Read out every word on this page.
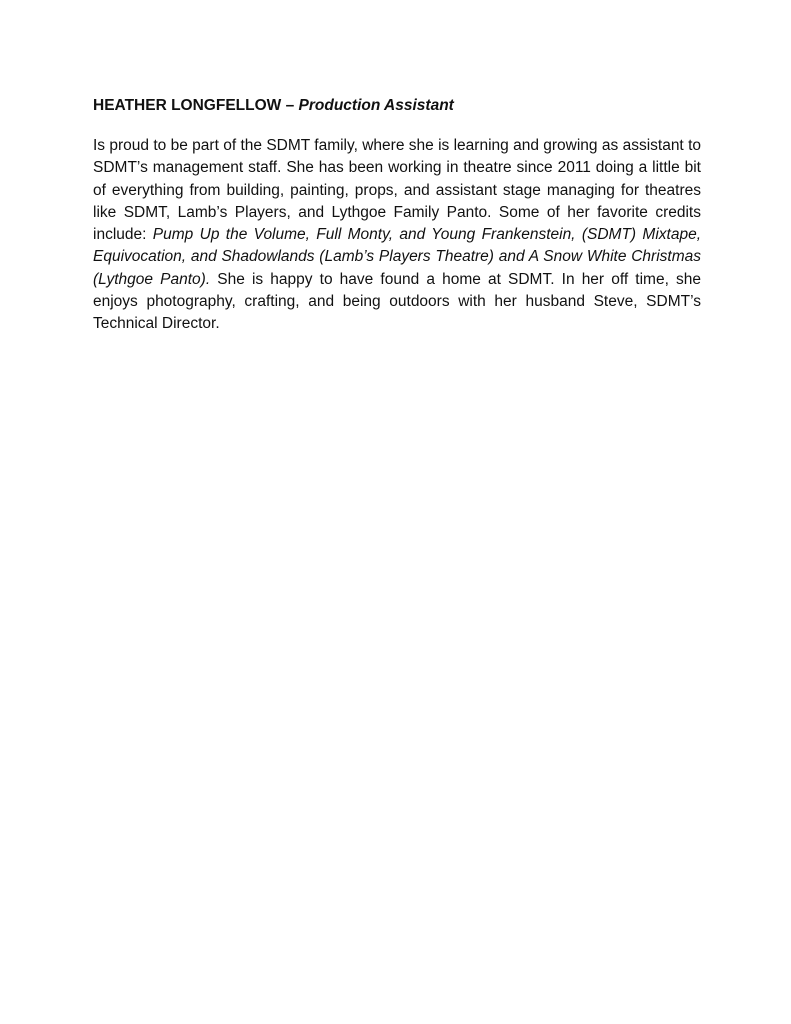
HEATHER LONGFELLOW – Production Assistant

Is proud to be part of the SDMT family, where she is learning and growing as assistant to SDMT’s management staff. She has been working in theatre since 2011 doing a little bit of everything from building, painting, props, and assistant stage managing for theatres like SDMT, Lamb’s Players, and Lythgoe Family Panto. Some of her favorite credits include: Pump Up the Volume, Full Monty, and Young Frankenstein, (SDMT) Mixtape, Equivocation, and Shadowlands (Lamb’s Players Theatre) and A Snow White Christmas (Lythgoe Panto). She is happy to have found a home at SDMT. In her off time, she enjoys photography, crafting, and being outdoors with her husband Steve, SDMT’s Technical Director.
